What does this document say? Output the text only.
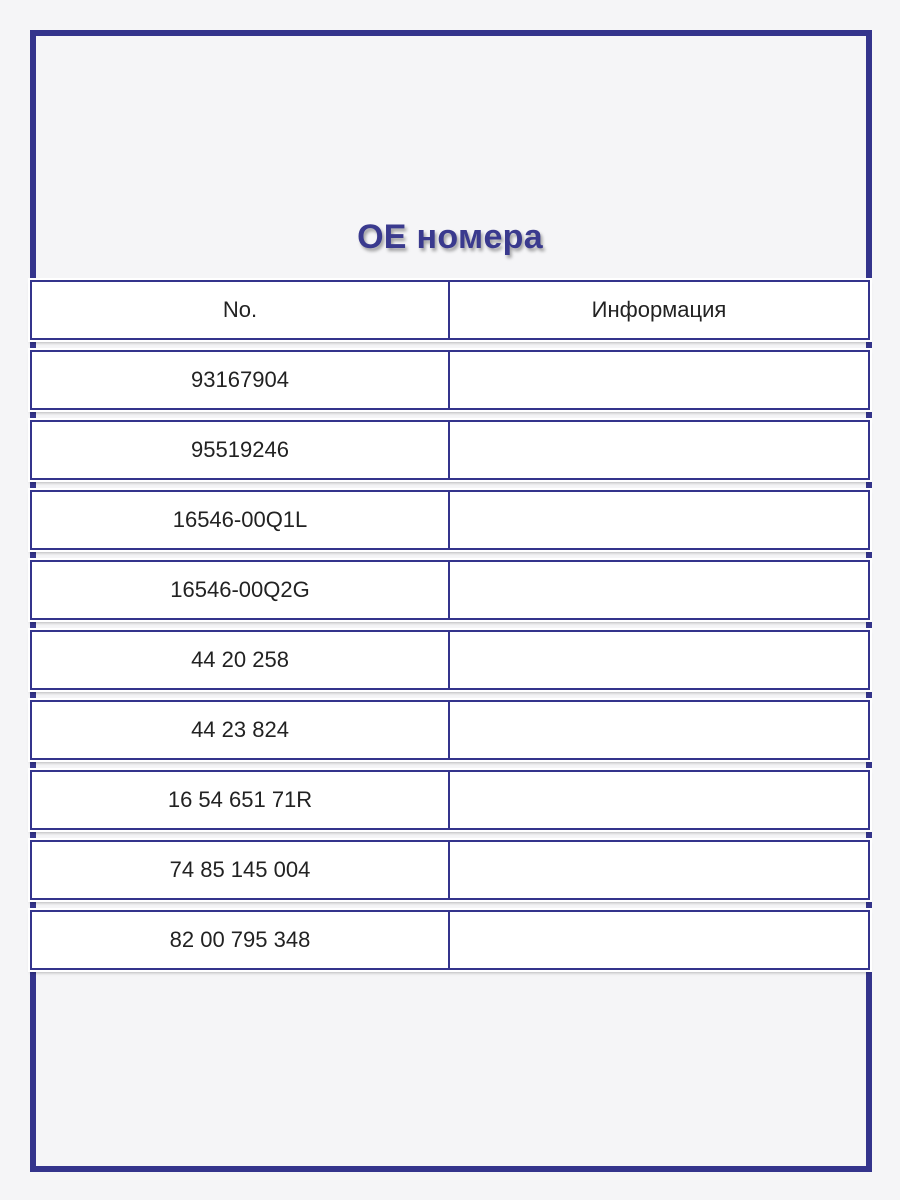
OE номера
No.	Информация
93167904
95519246
16546-00Q1L
16546-00Q2G
44 20 258
44 23 824
16 54 651 71R
74 85 145 004
82 00 795 348
